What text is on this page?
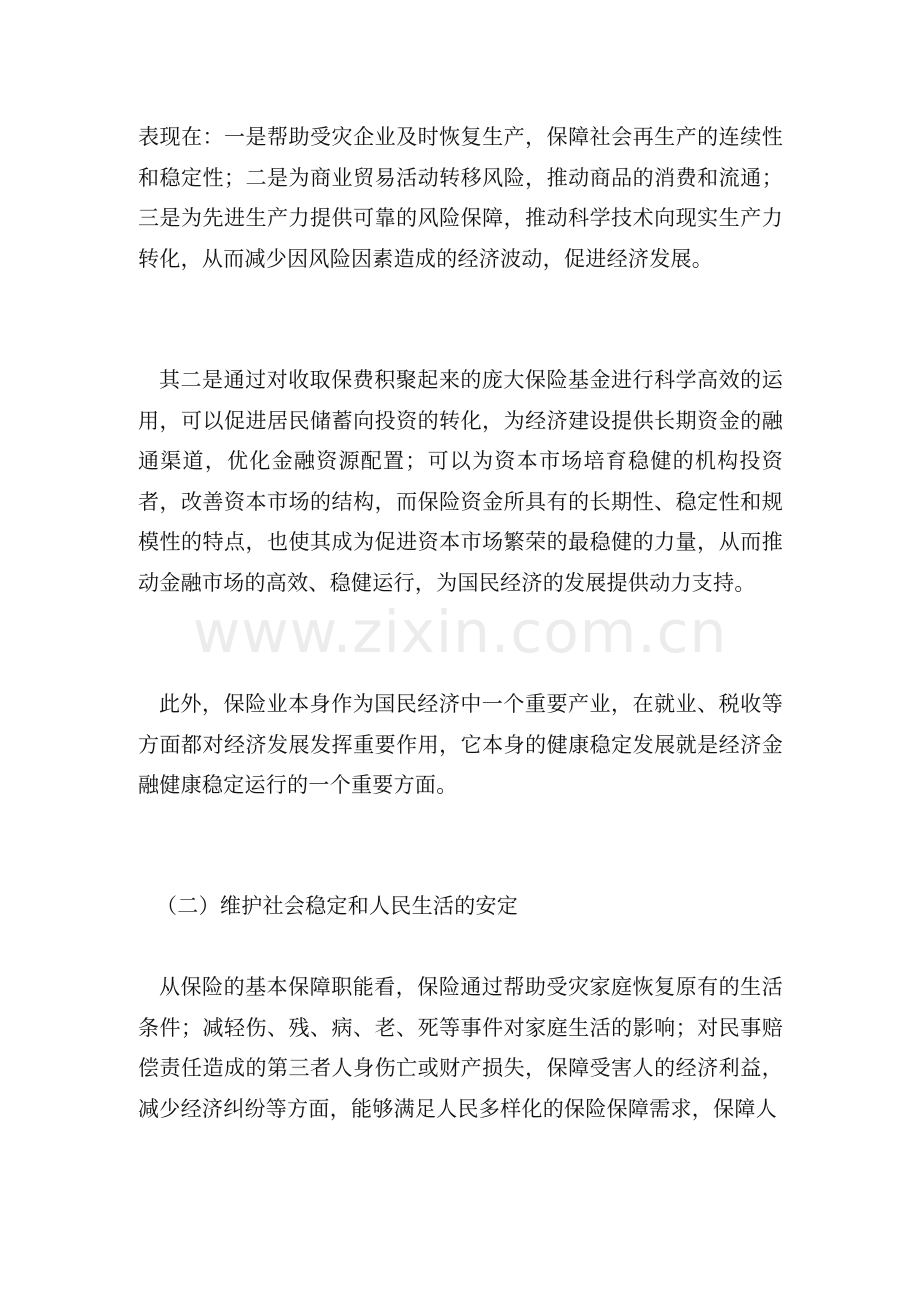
表现在：一是帮助受灾企业及时恢复生产，保障社会再生产的连续性和稳定性；二是为商业贸易活动转移风险，推动商品的消费和流通；三是为先进生产力提供可靠的风险保障，推动科学技术向现实生产力转化，从而减少因风险因素造成的经济波动，促进经济发展。

其二是通过对收取保费积聚起来的庞大保险基金进行科学高效的运用，可以促进居民储蓄向投资的转化，为经济建设提供长期资金的融通渠道，优化金融资源配置；可以为资本市场培育稳健的机构投资者，改善资本市场的结构，而保险资金所具有的长期性、稳定性和规模性的特点，也使其成为促进资本市场繁荣的最稳健的力量，从而推动金融市场的高效、稳健运行，为国民经济的发展提供动力支持。

此外，保险业本身作为国民经济中一个重要产业，在就业、税收等方面都对经济发展发挥重要作用，它本身的健康稳定发展就是经济金融健康稳定运行的一个重要方面。

（二）维护社会稳定和人民生活的安定

从保险的基本保障职能看，保险通过帮助受灾家庭恢复原有的生活条件；减轻伤、残、病、老、死等事件对家庭生活的影响；对民事赔偿责任造成的第三者人身伤亡或财产损失，保障受害人的经济利益，减少经济纠纷等方面，能够满足人民多样化的保险保障需求，保障人

www.zixin.com.cn
